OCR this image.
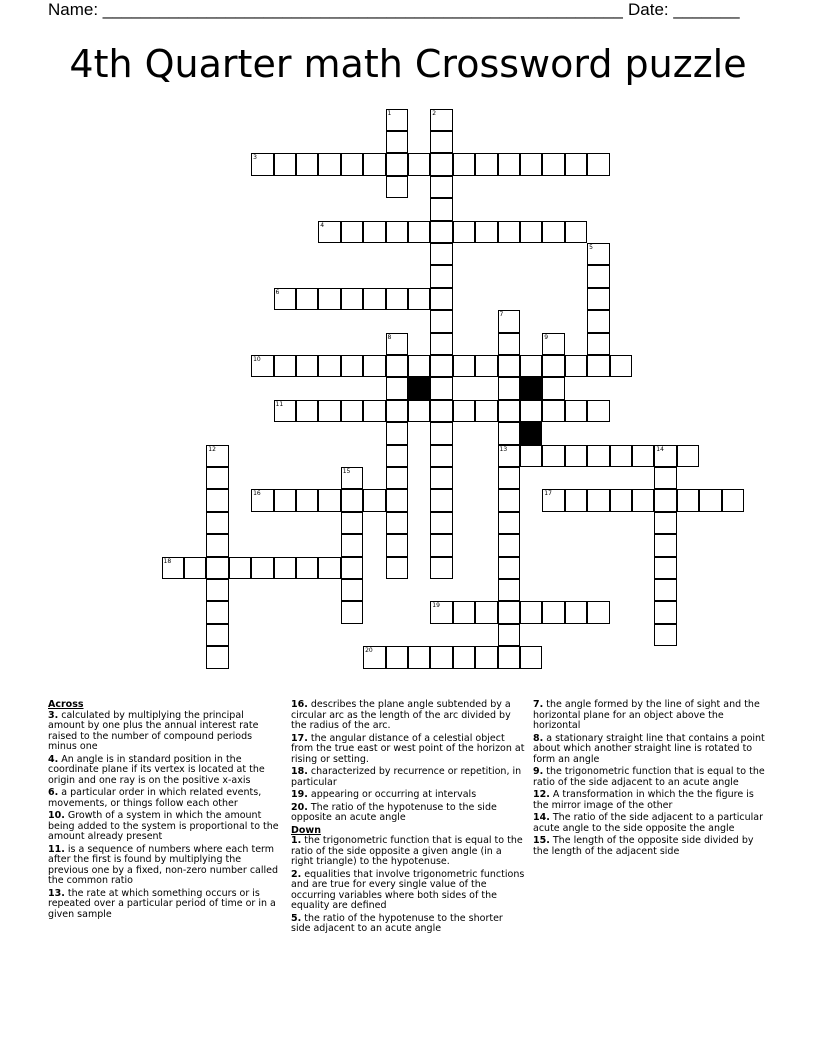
Name: _______________________________________________________ Date: _______
4th Quarter math Crossword puzzle
1	2
3
4
5
6
7
13
8	9
10
11
12	14
15
16	17
18
19
20
Across
3. calculated by multiplying the principal amount by one plus the annual interest rate raised to the number of compound periods minus one
4. An angle is in standard position in the coordinate plane if its vertex is located at the origin and one ray is on the positive x-axis
6. a particular order in which related events, movements, or things follow each other
10. Growth of a system in which the amount being added to the system is proportional to the amount already present
11. is a sequence of numbers where each term after the first is found by multiplying the previous one by a fixed, non-zero number called the common ratio
13. the rate at which something occurs or is repeated over a particular period of time or in a given sample
16. describes the plane angle subtended by a circular arc as the length of the arc divided by the radius of the arc.
17. the angular distance of a celestial object from the true east or west point of the horizon at rising or setting.
18. characterized by recurrence or repetition, in particular
19. appearing or occurring at intervals
20. The ratio of the hypotenuse to the side opposite an acute angle
Down
1. the trigonometric function that is equal to the ratio of the side opposite a given angle (in a right triangle) to the hypotenuse.
2. equalities that involve trigonometric functions and are true for every single value of the occurring variables where both sides of the equality are defined
5. the ratio of the hypotenuse to the shorter side adjacent to an acute angle
7. the angle formed by the line of sight and the horizontal plane for an object above the horizontal
8. a stationary straight line that contains a point about which another straight line is rotated to form an angle
9. the trigonometric function that is equal to the ratio of the side adjacent to an acute angle
12. A transformation in which the the figure is the mirror image of the other
14. The ratio of the side adjacent to a particular acute angle to the side opposite the angle
15. The length of the opposite side divided by the length of the adjacent side
